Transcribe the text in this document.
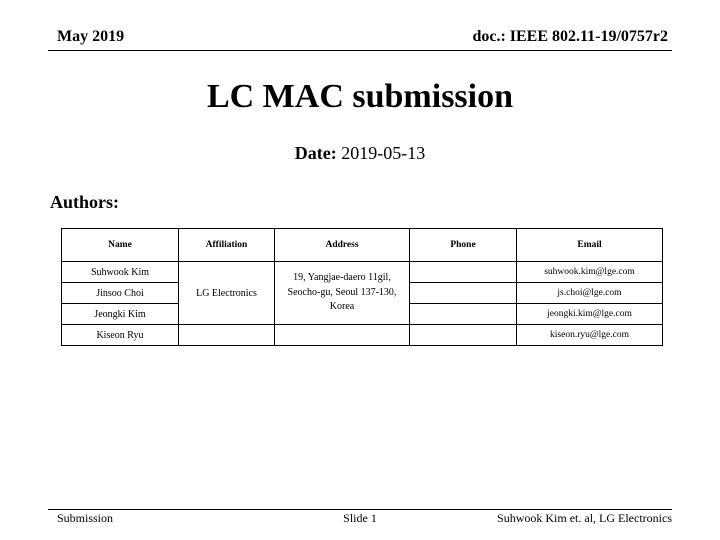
May 2019	doc.: IEEE 802.11-19/0757r2
LC MAC submission
Date: 2019-05-13
Authors:
Name	Affiliation	Address	Phone	Email
Suhwook Kim	LG Electronics	19, Yangjae-daero 11gil, Seocho-gu, Seoul 137-130, Korea		suhwook.kim@lge.com
Jinsoo Choi				js.choi@lge.com
Jeongki Kim				jeongki.kim@lge.com
Kiseon Ryu				kiseon.ryu@lge.com
Submission	Slide 1	Suhwook Kim et. al, LG Electronics
